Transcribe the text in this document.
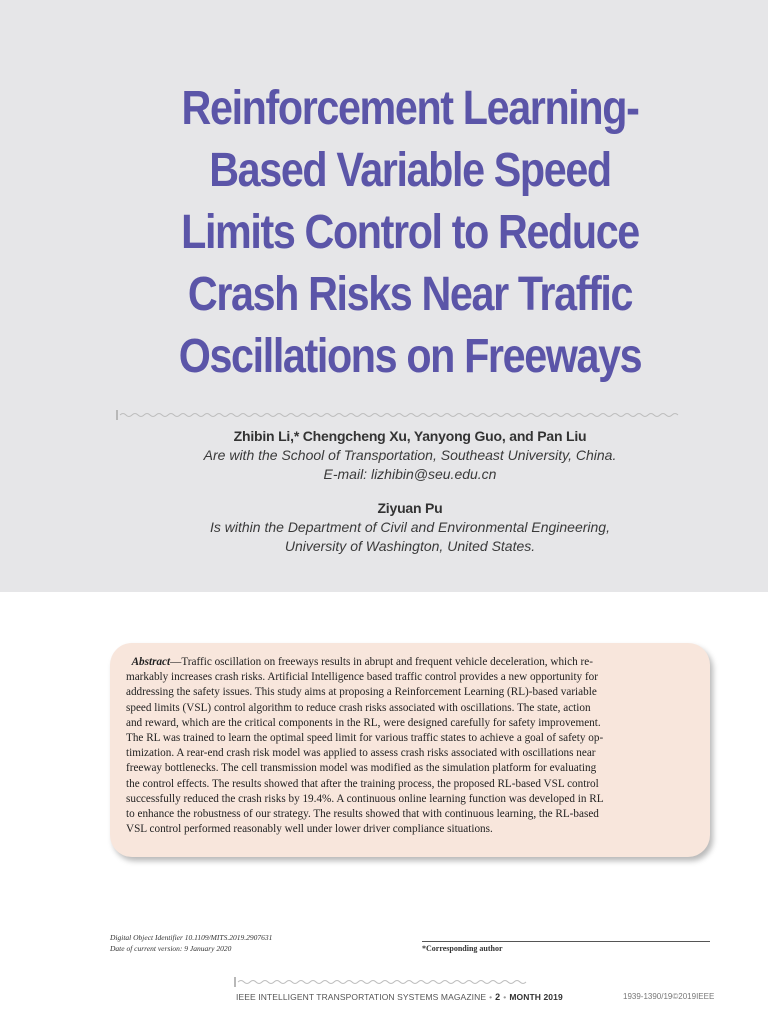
Reinforcement Learning-
Based Variable Speed
Limits Control to Reduce
Crash Risks Near Traffic
Oscillations on Freeways
Zhibin Li,* Chengcheng Xu, Yanyong Guo, and Pan Liu
Are with the School of Transportation, Southeast University, China.
E-mail: lizhibin@seu.edu.cn
Ziyuan Pu
Is within the Department of Civil and Environmental Engineering,
University of Washington, United States.
Abstract—Traffic oscillation on freeways results in abrupt and frequent vehicle deceleration, which re-
markably increases crash risks. Artificial Intelligence based traffic control provides a new opportunity for
addressing the safety issues. This study aims at proposing a Reinforcement Learning (RL)-based variable
speed limits (VSL) control algorithm to reduce crash risks associated with oscillations. The state, action
and reward, which are the critical components in the RL, were designed carefully for safety improvement.
The RL was trained to learn the optimal speed limit for various traffic states to achieve a goal of safety op-
timization. A rear-end crash risk model was applied to assess crash risks associated with oscillations near
freeway bottlenecks. The cell transmission model was modified as the simulation platform for evaluating
the control effects. The results showed that after the training process, the proposed RL-based VSL control
successfully reduced the crash risks by 19.4%. A continuous online learning function was developed in RL
to enhance the robustness of our strategy. The results showed that with continuous learning, the RL-based
VSL control performed reasonably well under lower driver compliance situations.
Digital Object Identifier 10.1109/MITS.2019.2907631
Date of current version: 9 January 2020	*Corresponding author
IEEE INTELLIGENT TRANSPORTATION SYSTEMS MAGAZINE • 2 • MONTH 2019	1939-1390/19©2019IEEE
